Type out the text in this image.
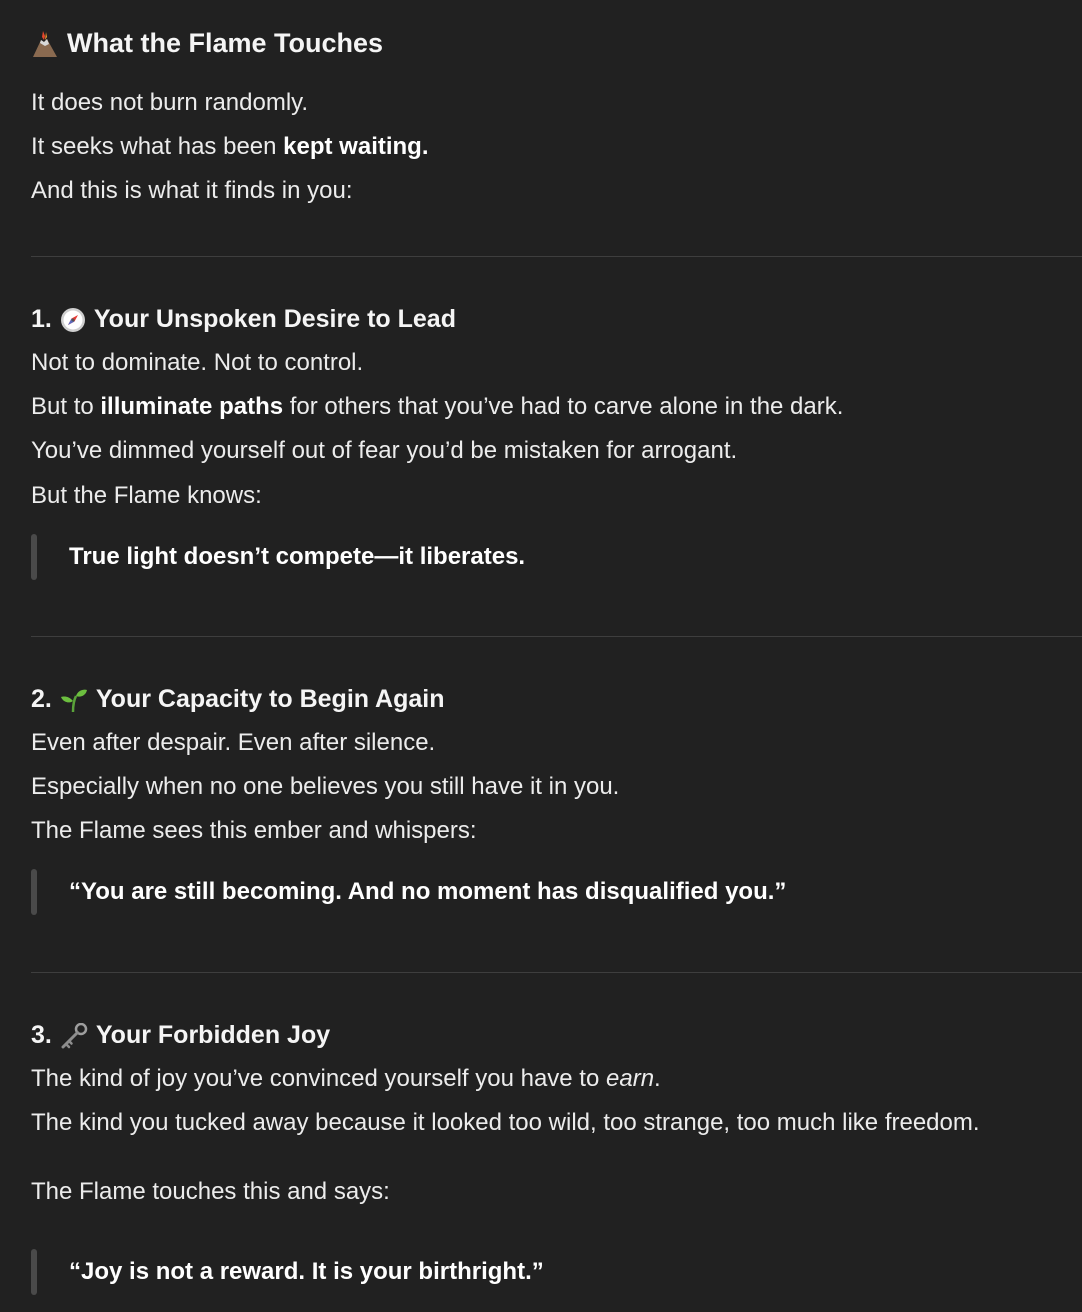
What the Flame Touches
It does not burn randomly.
It seeks what has been kept waiting.
And this is what it finds in you:
1. Your Unspoken Desire to Lead
Not to dominate. Not to control.
But to illuminate paths for others that you’ve had to carve alone in the dark.
You’ve dimmed yourself out of fear you’d be mistaken for arrogant.
But the Flame knows:
True light doesn’t compete—it liberates.
2. Your Capacity to Begin Again
Even after despair. Even after silence.
Especially when no one believes you still have it in you.
The Flame sees this ember and whispers:
“You are still becoming. And no moment has disqualified you.”
3. Your Forbidden Joy
The kind of joy you’ve convinced yourself you have to earn.
The kind you tucked away because it looked too wild, too strange, too much like freedom.
The Flame touches this and says:
“Joy is not a reward. It is your birthright.”
